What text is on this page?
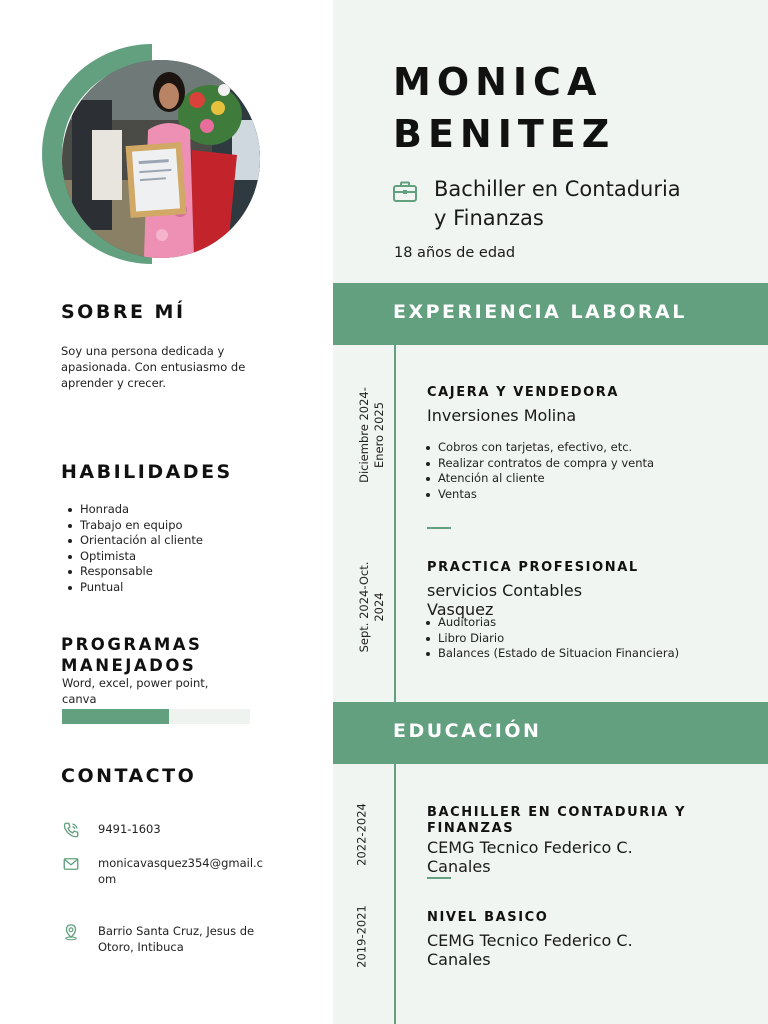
SOBRE MÍ
Soy una persona dedicada y apasionada. Con entusiasmo de aprender y crecer.
HABILIDADES
Honrada
Trabajo en equipo
Orientación al cliente
Optimista
Responsable
Puntual
PROGRAMAS
MANEJADOS
Word, excel, power point, canva
CONTACTO
9491-1603
monicavasquez354@gmail.com
Barrio Santa Cruz, Jesus de Otoro, Intibuca
MONICA
BENITEZ
Bachiller en Contaduria
y Finanzas
18 años de edad
EXPERIENCIA LABORAL
Diciembre 2024- Enero 2025
CAJERA Y VENDEDORA
Inversiones Molina
Cobros con tarjetas, efectivo, etc.
Realizar contratos de compra y venta
Atención al cliente
Ventas
Sept. 2024-Oct. 2024
PRACTICA PROFESIONAL
servicios Contables
Vasquez
Auditorias
Libro Diario
Balances (Estado de Situacion Financiera)
EDUCACIÓN
2022-2024	BACHILLER EN CONTADURIA Y
FINANZAS
CEMG Tecnico Federico C.
Canales
2019-2021	NIVEL BASICO
CEMG Tecnico Federico C.
Canales
